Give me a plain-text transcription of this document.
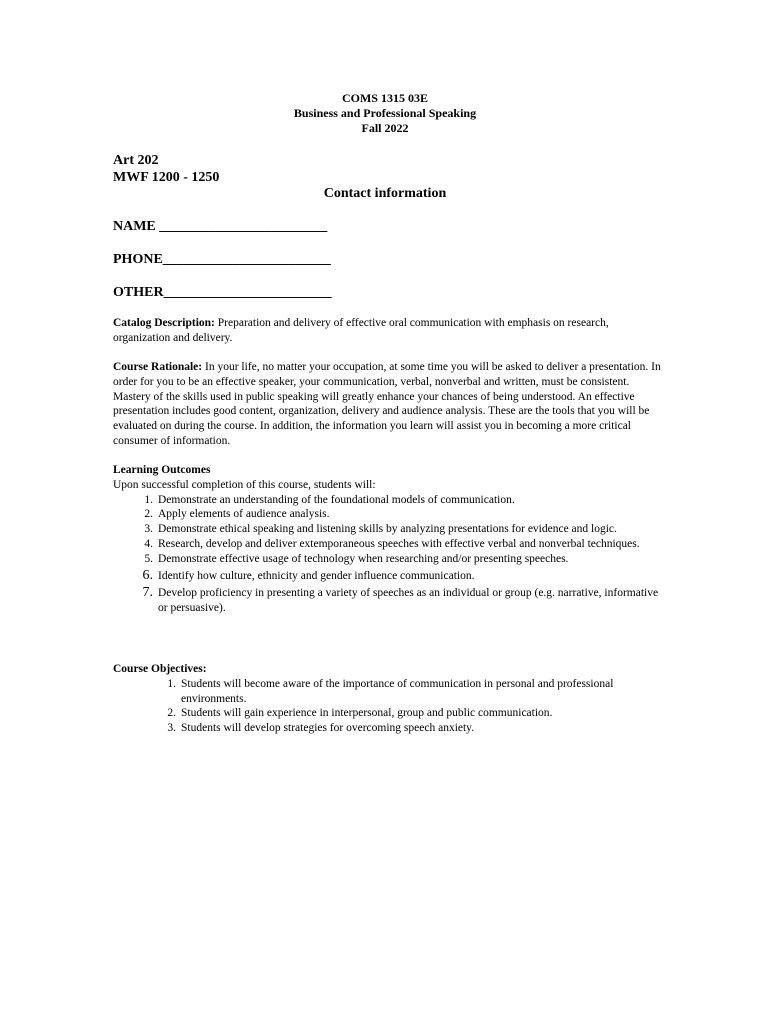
COMS 1315 03E
Business and Professional Speaking
Fall 2022
Art 202
MWF 1200 - 1250
Contact information
NAME ________________________
PHONE________________________
OTHER________________________
Catalog Description: Preparation and delivery of effective oral communication with emphasis on research, organization and delivery.
Course Rationale: In your life, no matter your occupation, at some time you will be asked to deliver a presentation. In order for you to be an effective speaker, your communication, verbal, nonverbal and written, must be consistent. Mastery of the skills used in public speaking will greatly enhance your chances of being understood. An effective presentation includes good content, organization, delivery and audience analysis. These are the tools that you will be evaluated on during the course. In addition, the information you learn will assist you in becoming a more critical consumer of information.
Learning Outcomes
Upon successful completion of this course, students will:
1. Demonstrate an understanding of the foundational models of communication.
2. Apply elements of audience analysis.
3. Demonstrate ethical speaking and listening skills by analyzing presentations for evidence and logic.
4. Research, develop and deliver extemporaneous speeches with effective verbal and nonverbal techniques.
5. Demonstrate effective usage of technology when researching and/or presenting speeches.
6. Identify how culture, ethnicity and gender influence communication.
7. Develop proficiency in presenting a variety of speeches as an individual or group (e.g. narrative, informative or persuasive).
Course Objectives:
1. Students will become aware of the importance of communication in personal and professional environments.
2. Students will gain experience in interpersonal, group and public communication.
3. Students will develop strategies for overcoming speech anxiety.
